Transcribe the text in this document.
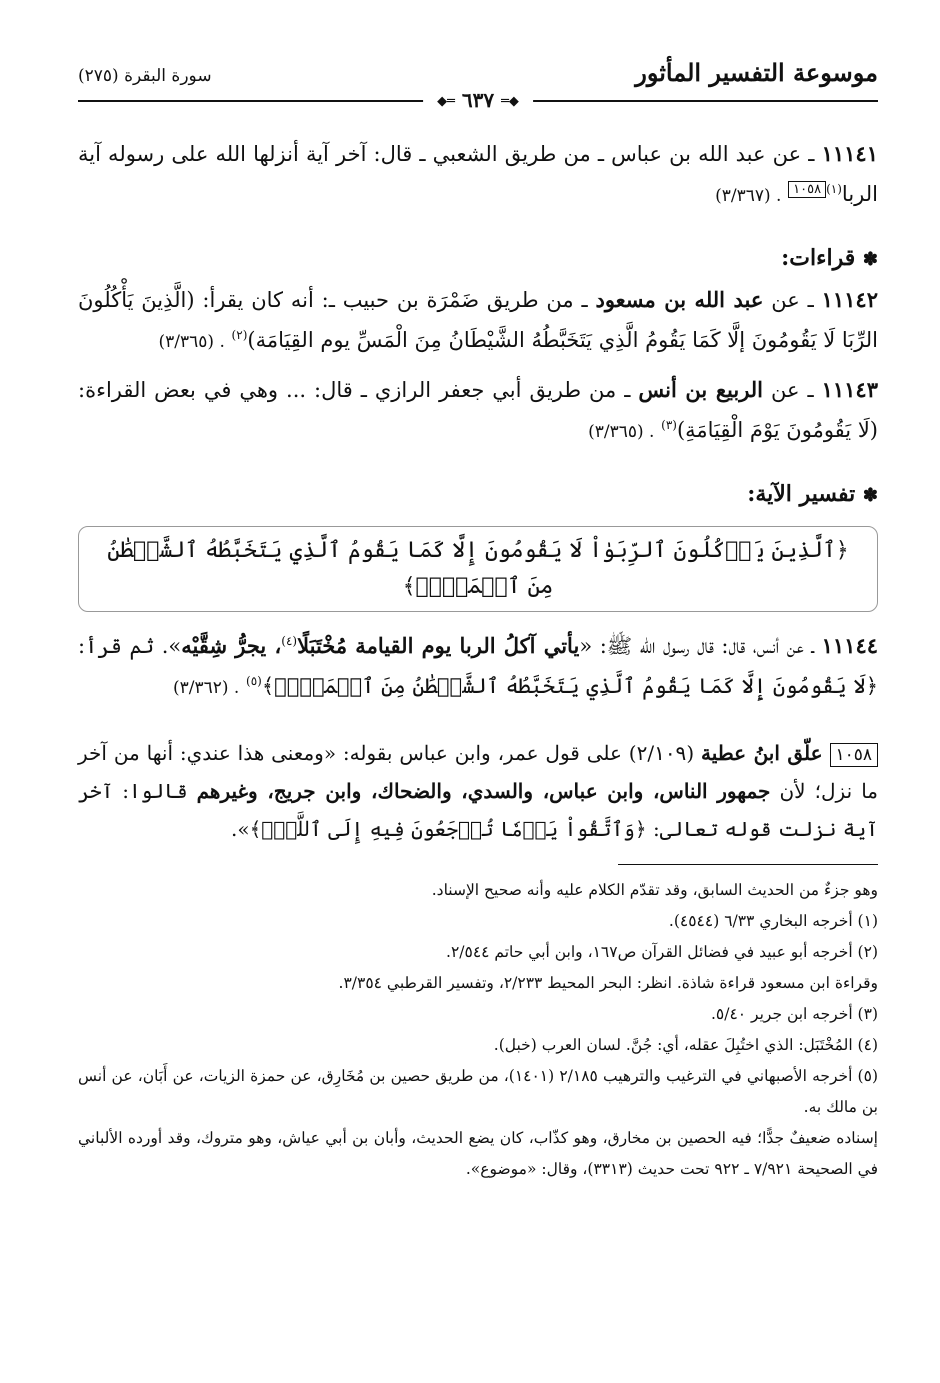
موسوعة التفسير المأثور
سورة البقرة (٢٧٥)
◆═ ٦٣٧ ═◆

١١١٤١ ـ عن عبد الله بن عباس ـ من طريق الشعبي ـ قال: آخر آية أنزلها الله على رسوله آية الربا$^{(١)}$١٠٥٨ . (٣/٣٦٧)

✽ قراءات:

١١١٤٢ ـ عن عبد الله بن مسعود ـ من طريق ضَمْرَة بن حبيب ـ: أنه كان يقرأ: (الَّذِينَ يَأْكُلُونَ الرِّبَا لَا يَقُومُونَ إلَّا كَمَا يَقُومُ الَّذِي يَتَخَبَّطُهُ الشَّيْطَانُ مِنَ الْمَسِّ يوم القِيَامَة)$^{(٢)}$ . (٣/٣٦٥)

١١١٤٣ ـ عن الربيع بن أنس ـ من طريق أبي جعفر الرازي ـ قال: ... وهي في بعض القراءة: (لَا يَقُومُونَ يَوْمَ الْقِيَامَةِ)$^{(٣)}$ . (٣/٣٦٥)

✽ تفسير الآية:

﴿ٱلَّذِينَ يَأۡكُلُونَ ٱلرِّبَوٰاْ لَا يَقُومُونَ إِلَّا كَمَا يَقُومُ ٱلَّذِي يَتَخَبَّطُهُ ٱلشَّيۡطَٰنُ مِنَ ٱلۡمَسِّۚ﴾

١١١٤٤ ـ عن أنس، قال: قال رسول الله ﷺ: «يأتي آكلُ الربا يوم القيامة مُخْتَبَلًا$^{(٤)}$، يجرُّ شِقَّيْه». ثم قرأ: ﴿لَا يَقُومُونَ إِلَّا كَمَا يَقُومُ ٱلَّذِي يَتَخَبَّطُهُ ٱلشَّيۡطَٰنُ مِنَ ٱلۡمَسِّۚ﴾$^{(٥)}$ . (٣/٣٦٢)

١٠٥٨ علّق ابنُ عطية (٢/١٠٩) على قول عمر، وابن عباس بقوله: «ومعنى هذا عندي: أنها من آخر ما نزل؛ لأن جمهور الناس، وابن عباس، والسدي، والضحاك، وابن جريج، وغيرهم قالوا: آخر آية نزلت قوله تعالى: ﴿وَٱتَّقُواْ يَوۡمٗا تُرۡجَعُونَ فِيهِ إِلَى ٱللَّهِۖ﴾».

وهو جزءٌ من الحديث السابق، وقد تقدّم الكلام عليه وأنه صحيح الإسناد.

(١) أخرجه البخاري ٦/٣٣ (٤٥٤٤).

(٢) أخرجه أبو عبيد في فضائل القرآن ص١٦٧، وابن أبي حاتم ٢/٥٤٤.

وقراءة ابن مسعود قراءة شاذة. انظر: البحر المحيط ٢/٢٣٣، وتفسير القرطبي ٣/٣٥٤.

(٣) أخرجه ابن جرير ٥/٤٠.

(٤) المُخْتَبَل: الذي اختُبِلَ عقله، أي: جُنَّ. لسان العرب (خبل).

(٥) أخرجه الأصبهاني في الترغيب والترهيب ٢/١٨٥ (١٤٠١)، من طريق حصين بن مُخَارِق، عن حمزة الزيات، عن أَبَان، عن أنس بن مالك به.

إسناده ضعيفٌ جدًّا؛ فيه الحصين بن مخارق، وهو كذّاب، كان يضع الحديث، وأبان بن أبي عياش، وهو متروك، وقد أورده الألباني في الصحيحة ٧/٩٢١ ـ ٩٢٢ تحت حديث (٣٣١٣)، وقال: «موضوع».
